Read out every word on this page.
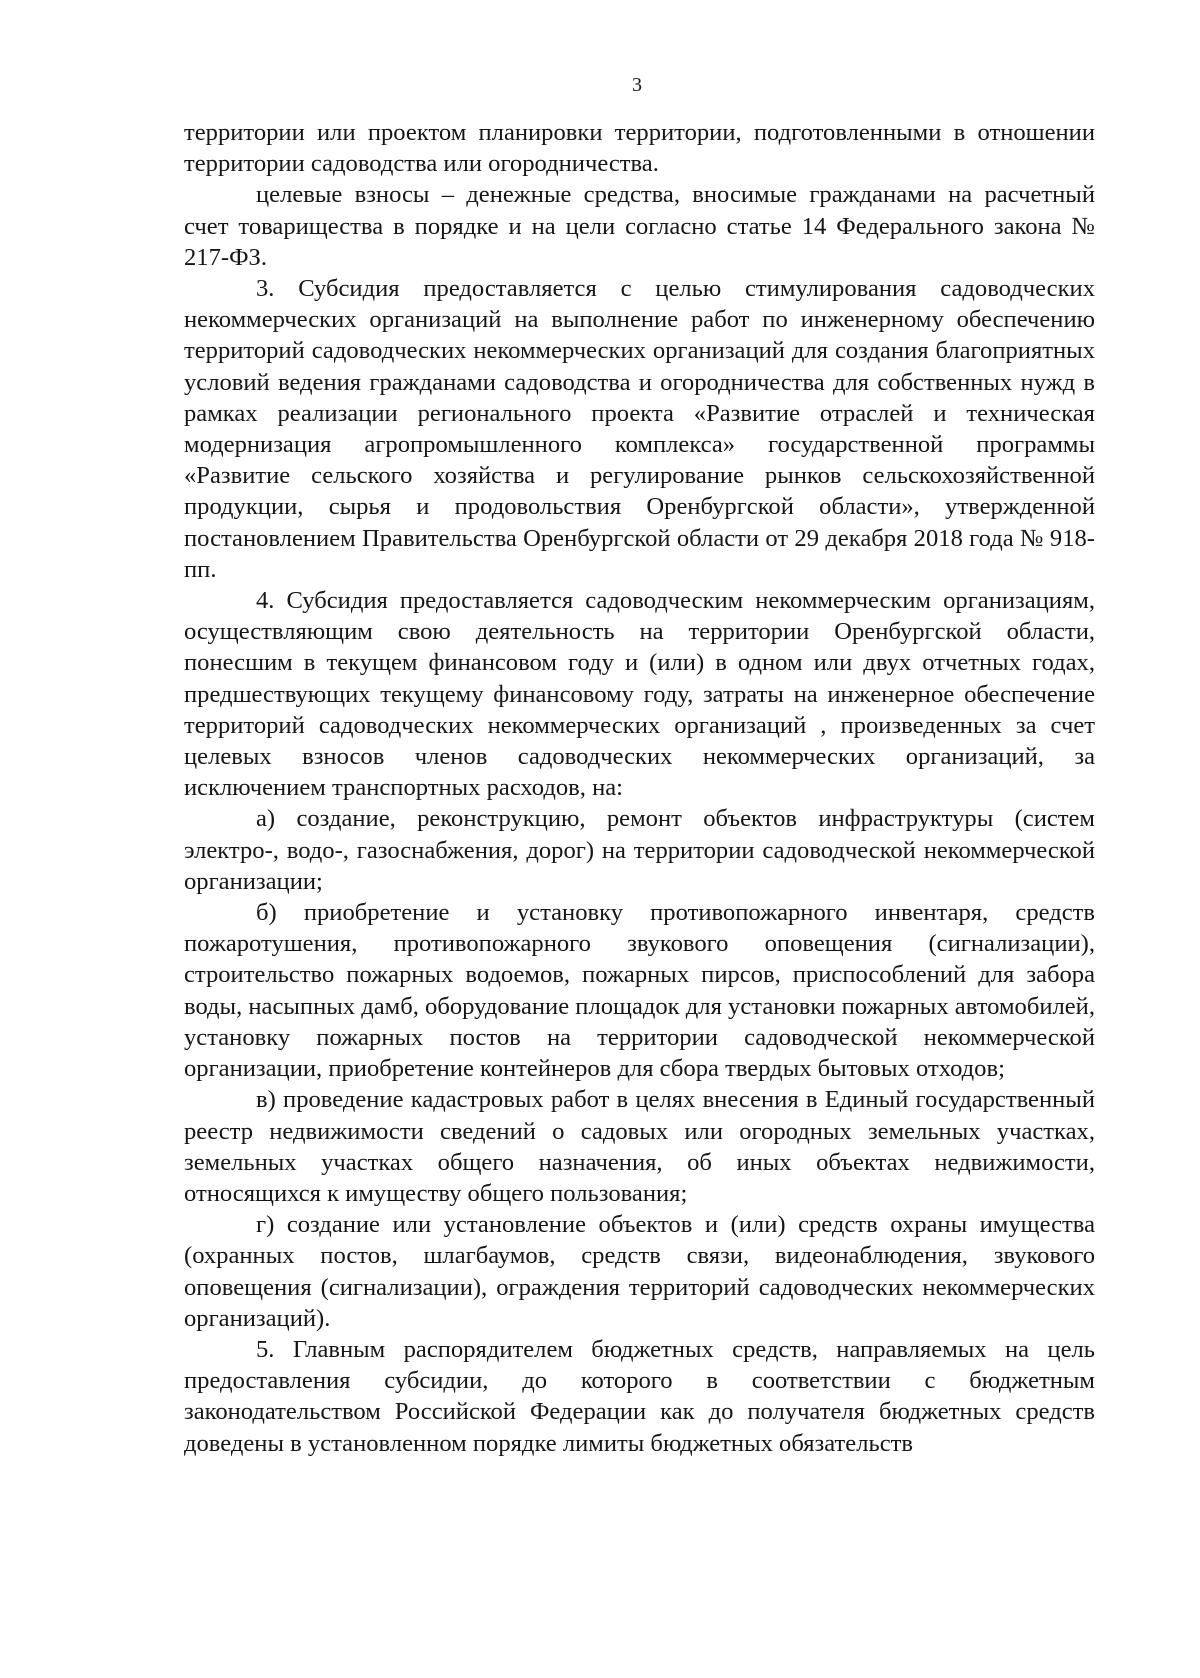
3

территории или проектом планировки территории, подготовленными в отношении территории садоводства или огородничества.

целевые взносы – денежные средства, вносимые гражданами на расчетный счет товарищества в порядке и на цели согласно статье 14 Федерального закона № 217-ФЗ.

3. Субсидия предоставляется с целью стимулирования садоводческих некоммерческих организаций на выполнение работ по инженерному обеспечению территорий садоводческих некоммерческих организаций для создания благоприятных условий ведения гражданами садоводства и огородничества для собственных нужд в рамках реализации регионального проекта «Развитие отраслей и техническая модернизация агропромышленного комплекса» государственной программы «Развитие сельского хозяйства и регулирование рынков сельскохозяйственной продукции, сырья и продовольствия Оренбургской области», утвержденной постановлением Правительства Оренбургской области от 29 декабря 2018 года № 918-пп.

4. Субсидия предоставляется садоводческим некоммерческим организациям, осуществляющим свою деятельность на территории Оренбургской области, понесшим в текущем финансовом году и (или) в одном или двух отчетных годах, предшествующих текущему финансовому году, затраты на инженерное обеспечение территорий садоводческих некоммерческих организаций , произведенных за счет целевых взносов членов садоводческих некоммерческих организаций, за исключением транспортных расходов, на:

а) создание, реконструкцию, ремонт объектов инфраструктуры (систем электро-, водо-, газоснабжения, дорог) на территории садоводческой некоммерческой организации;

б) приобретение и установку противопожарного инвентаря, средств пожаротушения, противопожарного звукового оповещения (сигнализации), строительство пожарных водоемов, пожарных пирсов, приспособлений для забора воды, насыпных дамб, оборудование площадок для установки пожарных автомобилей, установку пожарных постов на территории садоводческой некоммерческой организации, приобретение контейнеров для сбора твердых бытовых отходов;

в) проведение кадастровых работ в целях внесения в Единый государственный реестр недвижимости сведений о садовых или огородных земельных участках, земельных участках общего назначения, об иных объектах недвижимости, относящихся к имуществу общего пользования;

г) создание или установление объектов и (или) средств охраны имущества (охранных постов, шлагбаумов, средств связи, видеонаблюдения, звукового оповещения (сигнализации), ограждения территорий садоводческих некоммерческих организаций).

5. Главным распорядителем бюджетных средств, направляемых на цель предоставления субсидии, до которого в соответствии с бюджетным законодательством Российской Федерации как до получателя бюджетных средств доведены в установленном порядке лимиты бюджетных обязательств
